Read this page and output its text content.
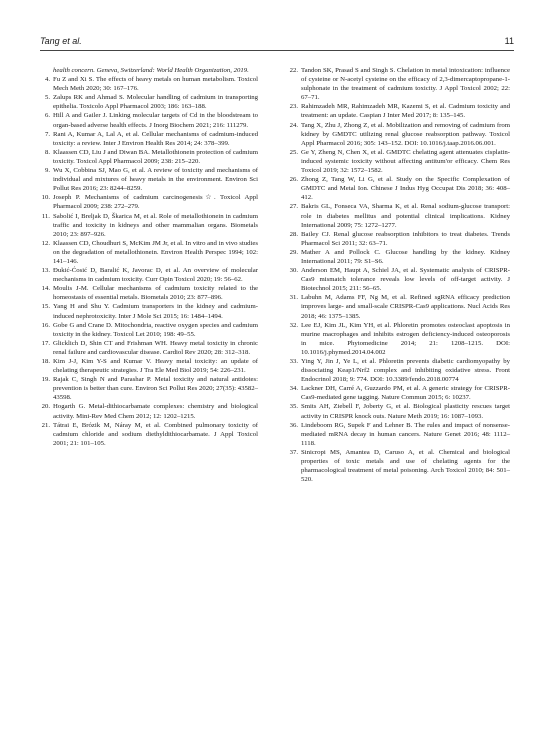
Tang et al.	11
health concern. Geneva, Switzerland: World Health Organization, 2019.
4. Fu Z and Xi S. The effects of heavy metals on human metabolism. Toxicol Mech Meth 2020; 30: 167–176.
5. Zalups RK and Ahmad S. Molecular handling of cadmium in transporting epithelia. Toxicolo Appl Pharmacol 2003; 186: 163–188.
6. Hill A and Gailer J. Linking molecular targets of Cd in the bloodstream to organ-based adverse health effects. J Inorg Biochem 2021; 216: 111279.
7. Rani A, Kumar A, Lal A, et al. Cellular mechanisms of cadmium-induced toxicity: a review. Inter J Environ Health Res 2014; 24: 378–399.
8. Klaassen CD, Liu J and Diwan BA. Metallothionein protection of cadmium toxicity. Toxicol Appl Pharmacol 2009; 238: 215–220.
9. Wu X, Cobbina SJ, Mao G, et al. A review of toxicity and mechanisms of individual and mixtures of heavy metals in the environment. Environ Sci Pollut Res 2016; 23: 8244–8259.
10. Joseph P. Mechanisms of cadmium carcinogenesis☆. Toxicol Appl Pharmacol 2009; 238: 272–279.
11. Sabolić I, Breljak D, Škarica M, et al. Role of metallothionein in cadmium traffic and toxicity in kidneys and other mammalian organs. Biometals 2010; 23: 897–926.
12. Klaassen CD, Choudhuri S, McKim JM Jr, et al. In vitro and in vivo studies on the degradation of metallothionein. Environ Health Perspec 1994; 102: 141–146.
13. Đukić-Ćosić D, Baralić K, Javorac D, et al. An overview of molecular mechanisms in cadmium toxicity. Curr Opin Toxicol 2020; 19: 56–62.
14. Moulis J-M. Cellular mechanisms of cadmium toxicity related to the homeostasis of essential metals. Biometals 2010; 23: 877–896.
15. Yang H and Shu Y. Cadmium transporters in the kidney and cadmium-induced nephrotoxicity. Inter J Mole Sci 2015; 16: 1484–1494.
16. Gobe G and Crane D. Mitochondria, reactive oxygen species and cadmium toxicity in the kidney. Toxicol Let 2010; 198: 49–55.
17. Glicklich D, Shin CT and Frishman WH. Heavy metal toxicity in chronic renal failure and cardiovascular disease. Cardiol Rev 2020; 28: 312–318.
18. Kim J-J, Kim Y-S and Kumar V. Heavy metal toxicity: an update of chelating therapeutic strategies. J Tra Ele Med Biol 2019; 54: 226–231.
19. Rajak C, Singh N and Parashar P. Metal toxicity and natural antidotes: prevention is better than cure. Environ Sci Pollut Res 2020; 27(35): 43582–43598.
20. Hogarth G. Metal-dithiocarbamate complexes: chemistry and biological activity. Mini-Rev Med Chem 2012; 12: 1202–1215.
21. Tátrai E, Brózik M, Náray M, et al. Combined pulmonary toxicity of cadmium chloride and sodium diethyldithiocarbamate. J Appl Toxicol 2001; 21: 101–105.
22. Tandon SK, Prasad S and Singh S. Chelation in metal intoxication: influence of cysteine or N-acetyl cysteine on the efficacy of 2,3-dimercaptopropane-1-sulphonate in the treatment of cadmium toxicity. J Appl Toxicol 2002; 22: 67–71.
23. Rahimzadeh MR, Rahimzadeh MR, Kazemi S, et al. Cadmium toxicity and treatment: an update. Caspian J Inter Med 2017; 8: 135–145.
24. Tang X, Zhu J, Zhong Z, et al. Mobilization and removing of cadmium from kidney by GMDTC utilizing renal glucose reabsorption pathway. Toxicol Appl Pharmacol 2016; 305: 143–152. DOI: 10.1016/j.taap.2016.06.001.
25. Ge Y, Zheng N, Chen X, et al. GMDTC chelating agent attenuates cisplatin-induced systemic toxicity without affecting antitum'or efficacy. Chem Res Toxicol 2019; 32: 1572–1582.
26. Zhong Z, Tang W, Li G, et al. Study on the Specific Complexation of GMDTC and Metal Ion. Chinese J Indus Hyg Occupat Dis 2018; 36: 408–412.
27. Bakris GL, Fonseca VA, Sharma K, et al. Renal sodium-glucose transport: role in diabetes mellitus and potential clinical implications. Kidney International 2009; 75: 1272–1277.
28. Bailey CJ. Renal glucose reabsorption inhibitors to treat diabetes. Trends Pharmacol Sci 2011; 32: 63–71.
29. Mather A and Pollock C. Glucose handling by the kidney. Kidney International 2011; 79: S1–S6.
30. Anderson EM, Haupt A, Schiel JA, et al. Systematic analysis of CRISPR-Cas9 mismatch tolerance reveals low levels of off-target activity. J Biotechnol 2015; 211: 56–65.
31. Labuhn M, Adams FF, Ng M, et al. Refined sgRNA efficacy prediction improves large- and small-scale CRISPR-Cas9 applications. Nucl Acids Res 2018; 46: 1375–1385.
32. Lee EJ, Kim JL, Kim YH, et al. Phloretin promotes osteoclast apoptosis in murine macrophages and inhibits estrogen deficiency-induced osteoporosis in mice. Phytomedicine 2014; 21: 1208–1215. DOI: 10.1016/j.phymed.2014.04.002
33. Ying Y, Jin J, Ye L, et al. Phloretin prevents diabetic cardiomyopathy by dissociating Keap1/Nrf2 complex and inhibiting oxidative stress. Front Endocrinol 2018; 9: 774. DOI: 10.3389/fendo.2018.00774
34. Lackner DH, Carré A, Guzzardo PM, et al. A generic strategy for CRISPR-Cas9-mediated gene tagging. Nature Commun 2015; 6: 10237.
35. Smits AH, Ziebell F, Joberty G, et al. Biological plasticity rescues target activity in CRISPR knock outs. Nature Meth 2019; 16: 1087–1093.
36. Lindeboom RG, Supek F and Lehner B. The rules and impact of nonsense-mediated mRNA decay in human cancers. Nature Genet 2016; 48: 1112–1118.
37. Sinicropi MS, Amantea D, Caruso A, et al. Chemical and biological properties of toxic metals and use of chelating agents for the pharmacological treatment of metal poisoning. Arch Toxicol 2010; 84: 501–520.
